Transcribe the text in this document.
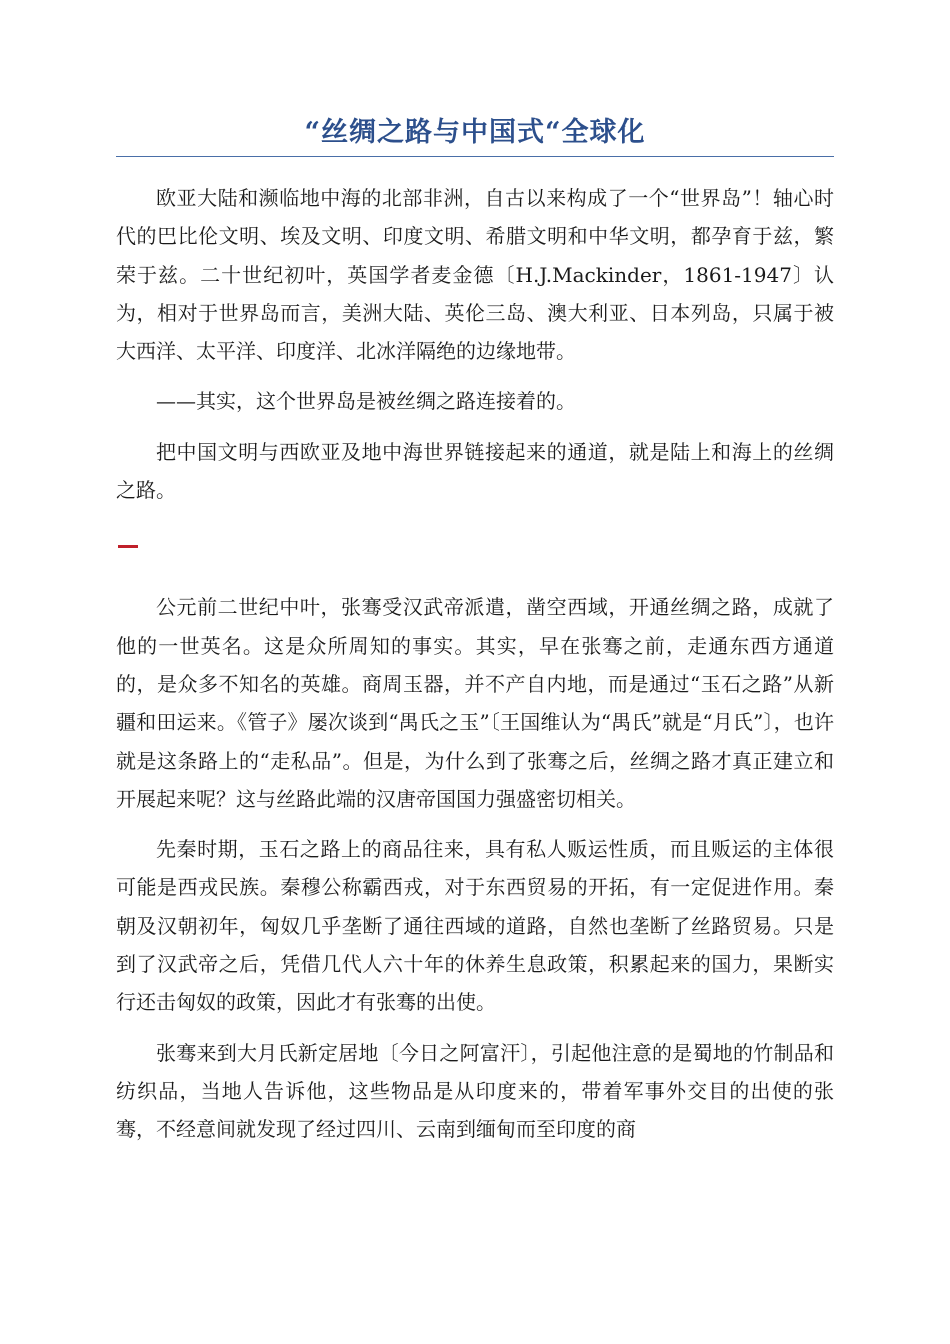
“丝绸之路与中国式“全球化

欧亚大陆和濒临地中海的北部非洲，自古以来构成了一个“世界岛”！轴心时代的巴比伦文明、埃及文明、印度文明、希腊文明和中华文明，都孕育于兹，繁荣于兹。二十世纪初叶，英国学者麦金德〔H.J.Mackinder，1861-1947〕认为，相对于世界岛而言，美洲大陆、英伦三岛、澳大利亚、日本列岛，只属于被大西洋、太平洋、印度洋、北冰洋隔绝的边缘地带。

——其实，这个世界岛是被丝绸之路连接着的。

把中国文明与西欧亚及地中海世界链接起来的通道，就是陆上和海上的丝绸之路。

公元前二世纪中叶，张骞受汉武帝派遣，凿空西域，开通丝绸之路，成就了他的一世英名。这是众所周知的事实。其实，早在张骞之前，走通东西方通道的，是众多不知名的英雄。商周玉器，并不产自内地，而是通过“玉石之路”从新疆和田运来。《管子》屡次谈到“禺氏之玉”〔王国维认为“禺氏”就是“月氏”〕，也许就是这条路上的“走私品”。但是，为什么到了张骞之后，丝绸之路才真正建立和开展起来呢？这与丝路此端的汉唐帝国国力强盛密切相关。

先秦时期，玉石之路上的商品往来，具有私人贩运性质，而且贩运的主体很可能是西戎民族。秦穆公称霸西戎，对于东西贸易的开拓，有一定促进作用。秦朝及汉朝初年，匈奴几乎垄断了通往西域的道路，自然也垄断了丝路贸易。只是到了汉武帝之后，凭借几代人六十年的休养生息政策，积累起来的国力，果断实行还击匈奴的政策，因此才有张骞的出使。

张骞来到大月氏新定居地〔今日之阿富汗〕，引起他注意的是蜀地的竹制品和纺织品，当地人告诉他，这些物品是从印度来的，带着军事外交目的出使的张骞，不经意间就发现了经过四川、云南到缅甸而至印度的商
